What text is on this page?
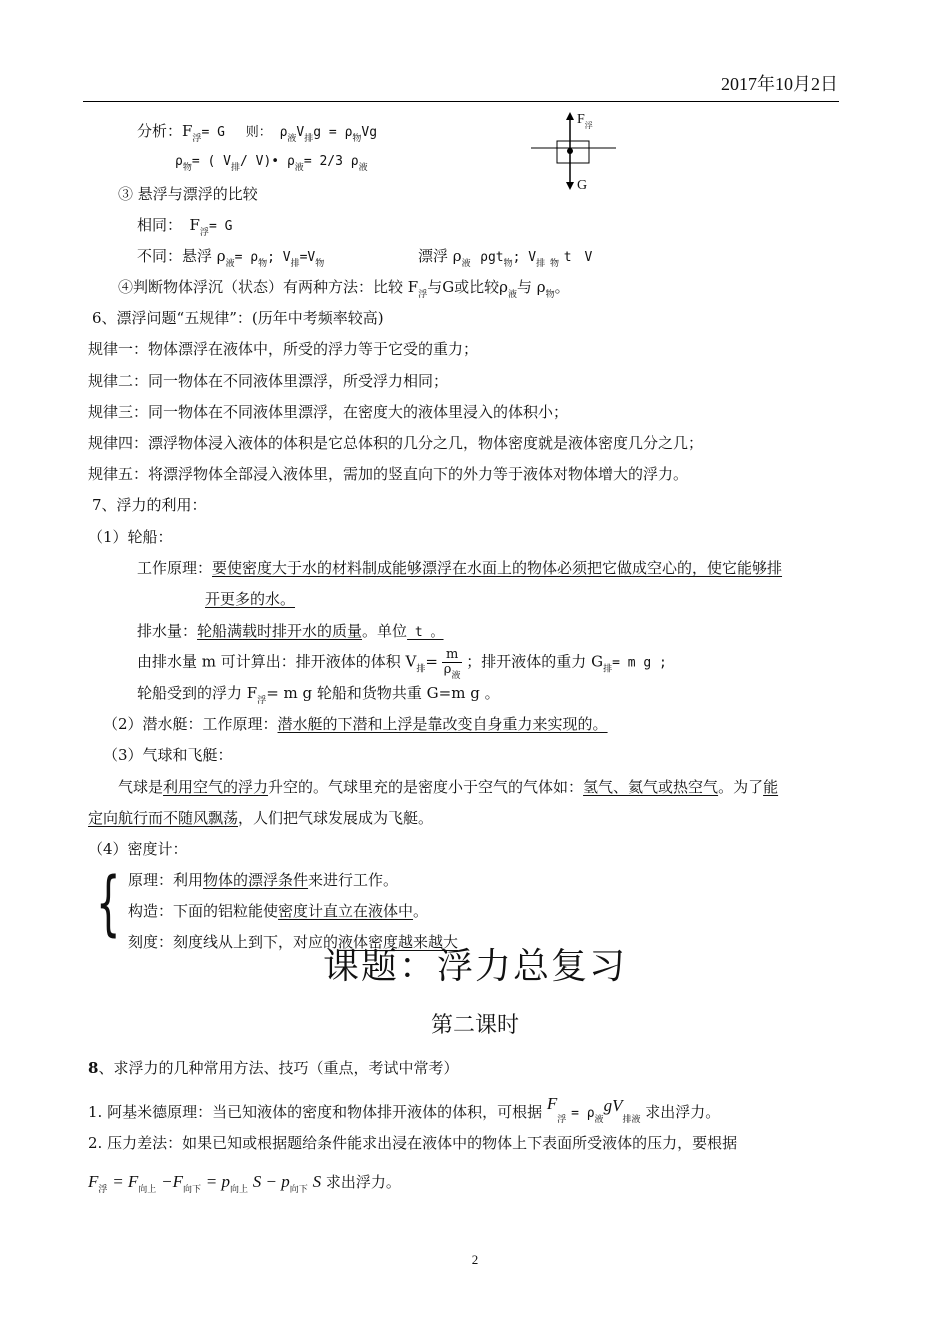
2017年10月2日
$F_浮$
G
分析：$F_浮= G$　 则： $\rho_液V_排g = \rho_物Vg$
$\rho_物=$ ( $V_排/$ V)• $\rho_液= 2/3$ $\rho_液$
③ 悬浮与漂浮的比较
相同：　$F_浮= G$
不同：悬浮 $\rho_液= \rho_物$; $V_排=V_物$	漂浮 $\rho_液$ ρgt$_物$; $V_排$ $_物$ t　V
④判断物体浮沉（状态）有两种方法：比较 $F_浮$与G或比较$\rho_液$与 $\rho_物$。
6、漂浮问题“五规律”：(历年中考频率较高)
规律一：物体漂浮在液体中，所受的浮力等于它受的重力；
规律二：同一物体在不同液体里漂浮，所受浮力相同；
规律三：同一物体在不同液体里漂浮，在密度大的液体里浸入的体积小；
规律四：漂浮物体浸入液体的体积是它总体积的几分之几，物体密度就是液体密度几分之几；
规律五：将漂浮物体全部浸入液体里，需加的竖直向下的外力等于液体对物体增大的浮力。
7、浮力的利用：
（1）轮船：
工作原理：要使密度大于水的材料制成能够漂浮在水面上的物体必须把它做成空心的，使它能够排
开更多的水。
排水量：轮船满载时排开水的质量。单位 t 。
由排水量 m 可计算出：排开液体的体积 $V_排= \frac{m}{\rho_液}$ ；排开液体的重力 $G_排= m$ g ;
轮船受到的浮力 $F_浮= m$ g 轮船和货物共重 G=m g 。
（2）潜水艇：工作原理：潜水艇的下潜和上浮是靠改变自身重力来实现的。
（3）气球和飞艇：
气球是利用空气的浮力升空的。气球里充的是密度小于空气的气体如：氢气、氦气或热空气。为了能
定向航行而不随风飘荡，人们把气球发展成为飞艇。
（4）密度计：
{ 原理：利用物体的漂浮条件来进行工作。
构造：下面的铝粒能使密度计直立在液体中。
刻度：刻度线从上到下，对应的液体密度越来越大
课题：浮力总复习
第二课时
8、求浮力的几种常用方法、技巧（重点，考试中常考）
1. 阿基米德原理：当已知液体的密度和物体排开液体的体积，可根据 $F_浮 = \rho_液gV_{排液}$ 求出浮力。
2. 压力差法：如果已知或根据题给条件能求出浸在液体中的物体上下表面所受液体的压力，要根据
$F_浮 = F_{向上} -F_{向下} = p_{向上}$ $S - p_{向下}$ S 求出浮力。
2
